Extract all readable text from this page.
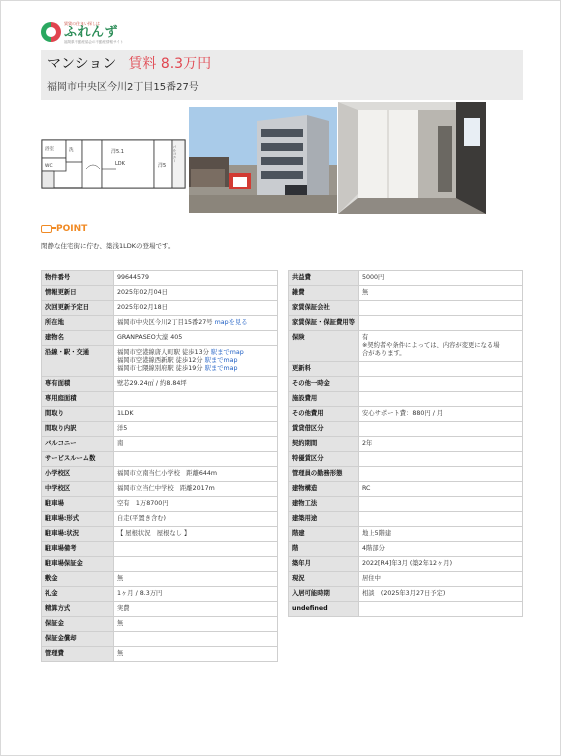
賃貸の住まい探しは
ふれんず
福岡県不動産協会の不動産情報サイト
マンション 賃料 8.3万円
福岡市中央区今川2丁目15番27号
浴室
WC
洗	洋5.1
LDK	洋5
バルコニー
POINT
閑静な住宅街に佇む、築浅1LDKの登場です。
物件番号	99644579
情報更新日	2025年02月04日
次回更新予定日	2025年02月18日
所在地	福岡市中央区今川2丁目15番27号 mapを見る
建物名	GRANPASEO大濠 405
沿線・駅・交通	福岡市空港線唐人町駅 徒歩13分 駅までmap
福岡市空港線西新駅 徒歩12分 駅までmap
福岡市七隈線別府駅 徒歩19分 駅までmap

専有面積	壁芯29.24㎡ / 約8.84坪
専用庭面積	
間取り	1LDK
間取り内訳	洋5
バルコニー	南
サービスルーム数	
小学校区	福岡市立南当仁小学校　距離644m
中学校区	福岡市立当仁中学校　距離2017m
駐車場	空有　1万8700円
駐車場:形式	自走(平置き含む)
駐車場:状況	【 屋根状況　屋根なし 】
駐車場備考	
駐車場保証金	
敷金	無
礼金	1ヶ月 / 8.3万円
精算方式	実費
保証金	無
保証金償却	
管理費	無
共益費	5000円
雑費	無
家賃保証会社	
家賃保証・保証費用等	
保険	有
※契約者や条件によっては、内容が変更になる場
合があります。

更新料	
その他一時金	
施設費用	
その他費用	安心サポート費：880円 / 月
賃貸借区分	
契約期間	2年
特優賃区分	
管理員の勤務形態	
建物構造	RC
建物工法	
建築用途	
階建	地上5階建
階	4階部分
築年月	2022[R4]年3月 (築2年12ヶ月)
現況	居住中
入居可能時期	相談　(2025年3月27日予定)
undefined	
